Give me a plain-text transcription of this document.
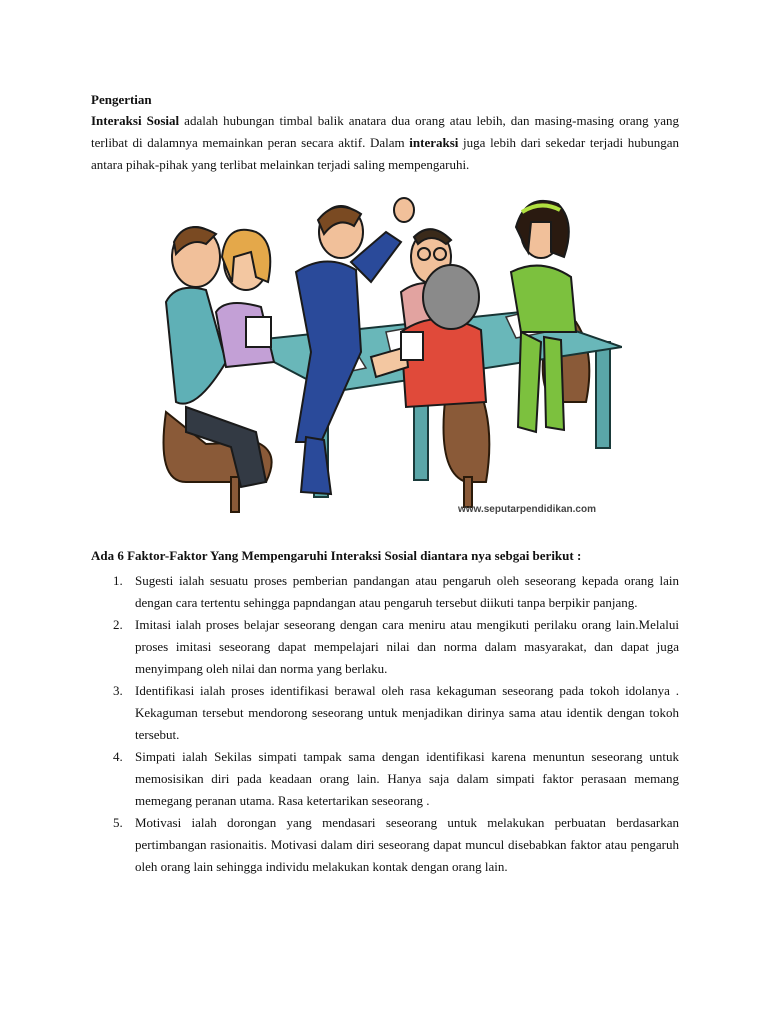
Pengertian

Interaksi Sosial adalah hubungan timbal balik anatara dua orang atau lebih, dan masing-masing orang yang terlibat di dalamnya memainkan peran secara aktif. Dalam interaksi juga lebih dari sekedar terjadi hubungan antara pihak-pihak yang terlibat melainkan terjadi saling mempengaruhi.

www.seputarpendidikan.com
Ada 6 Faktor-Faktor Yang Mempengaruhi Interaksi Sosial diantara nya sebgai berikut :
1. Sugesti ialah sesuatu proses pemberian pandangan atau pengaruh oleh seseorang kepada orang lain dengan cara tertentu sehingga papndangan atau pengaruh tersebut diikuti tanpa berpikir panjang.
2. Imitasi ialah proses belajar seseorang dengan cara meniru atau mengikuti perilaku orang lain.Melalui proses imitasi seseorang dapat mempelajari nilai dan norma dalam masyarakat, dan dapat juga menyimpang oleh nilai dan norma yang berlaku.
3. Identifikasi ialah proses identifikasi berawal oleh rasa kekaguman seseorang pada tokoh idolanya . Kekaguman tersebut mendorong seseorang untuk menjadikan dirinya sama atau identik dengan tokoh tersebut.
4. Simpati ialah Sekilas simpati tampak sama dengan identifikasi karena menuntun seseorang untuk memosisikan diri pada keadaan orang lain. Hanya saja dalam simpati faktor perasaan memang memegang peranan utama. Rasa ketertarikan seseorang .
5. Motivasi ialah dorongan yang mendasari seseorang untuk melakukan perbuatan berdasarkan pertimbangan rasionaitis. Motivasi dalam diri seseorang dapat muncul disebabkan faktor atau pengaruh oleh orang lain sehingga individu melakukan kontak dengan orang lain.
